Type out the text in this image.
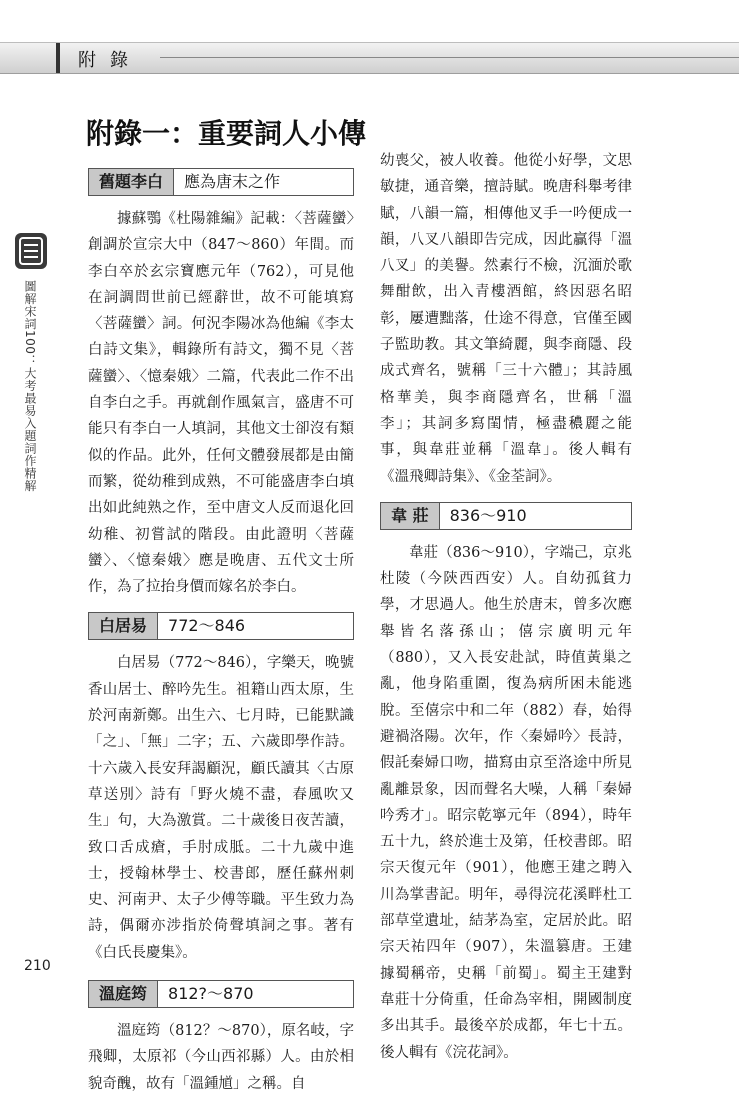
附錄
附錄一：重要詞人小傳
圖解宋詞100：大考最易入題詞作精解
舊題李白	應為唐末之作

據蘇鶚《杜陽雜編》記載：〈菩薩蠻〉創調於宣宗大中（847～860）年間。而李白卒於玄宗寶應元年（762），可見他在詞調問世前已經辭世，故不可能填寫〈菩薩蠻〉詞。何況李陽冰為他編《李太白詩文集》，輯錄所有詩文，獨不見〈菩薩蠻〉、〈憶秦娥〉二篇，代表此二作不出自李白之手。再就創作風氣言，盛唐不可能只有李白一人填詞，其他文士卻沒有類似的作品。此外，任何文體發展都是由簡而繁，從幼稚到成熟，不可能盛唐李白填出如此純熟之作，至中唐文人反而退化回幼稚、初嘗試的階段。由此證明〈菩薩蠻〉、〈憶秦娥〉應是晚唐、五代文士所作，為了拉抬身價而嫁名於李白。

白居易	772～846

白居易（772～846），字樂天，晚號香山居士、醉吟先生。祖籍山西太原，生於河南新鄭。出生六、七月時，已能默識「之」、「無」二字；五、六歲即學作詩。十六歲入長安拜謁顧況，顧氏讀其〈古原草送別〉詩有「野火燒不盡，春風吹又生」句，大為激賞。二十歲後日夜苦讀，致口舌成瘡，手肘成胝。二十九歲中進士，授翰林學士、校書郎，歷任蘇州刺史、河南尹、太子少傅等職。平生致力為詩，偶爾亦涉指於倚聲填詞之事。著有《白氏長慶集》。

溫庭筠	812?～870

溫庭筠（812？～870），原名岐，字飛卿，太原祁（今山西祁縣）人。由於相貌奇醜，故有「溫鍾馗」之稱。自

幼喪父，被人收養。他從小好學，文思敏捷，通音樂，擅詩賦。晚唐科舉考律賦，八韻一篇，相傳他叉手一吟便成一韻，八叉八韻即告完成，因此贏得「溫八叉」的美譽。然素行不檢，沉湎於歌舞酣飲，出入青樓酒館，終因惡名昭彰，屢遭黜落，仕途不得意，官僅至國子監助教。其文筆綺麗，與李商隱、段成式齊名，號稱「三十六體」；其詩風格華美，與李商隱齊名，世稱「溫李」；其詞多寫閨情，極盡穠麗之能事，與韋莊並稱「溫韋」。後人輯有《溫飛卿詩集》、《金荃詞》。

韋 莊	836～910

韋莊（836～910），字端己，京兆杜陵（今陝西西安）人。自幼孤貧力學，才思過人。他生於唐末，曾多次應舉皆名落孫山；僖宗廣明元年（880），又入長安赴試，時值黃巢之亂，他身陷重圍，復為病所困未能逃脫。至僖宗中和二年（882）春，始得避禍洛陽。次年，作〈秦婦吟〉長詩，假託秦婦口吻，描寫由京至洛途中所見亂離景象，因而聲名大噪，人稱「秦婦吟秀才」。昭宗乾寧元年（894），時年五十九，終於進士及第，任校書郎。昭宗天復元年（901），他應王建之聘入川為掌書記。明年，尋得浣花溪畔杜工部草堂遺址，結茅為室，定居於此。昭宗天祐四年（907），朱溫篡唐。王建據蜀稱帝，史稱「前蜀」。蜀主王建對韋莊十分倚重，任命為宰相，開國制度多出其手。最後卒於成都，年七十五。後人輯有《浣花詞》。

210
